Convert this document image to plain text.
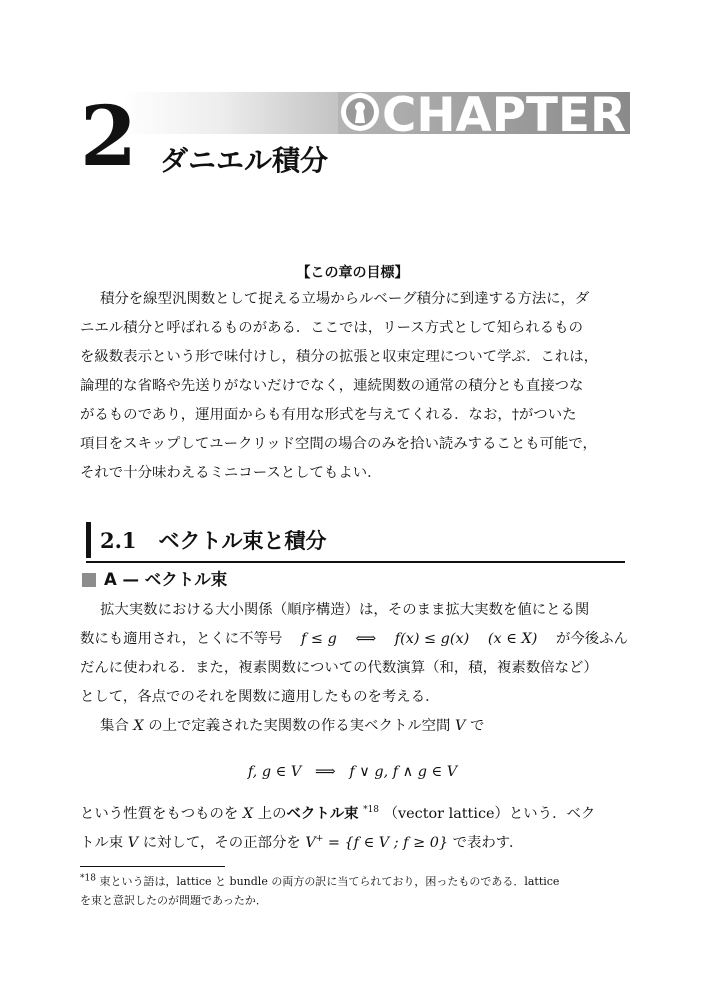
CHAPTER
2 ダニエル積分
【この章の目標】
積分を線型汎関数として捉える立場からルベーグ積分に到達する方法に，ダ
ニエル積分と呼ばれるものがある．ここでは，リース方式として知られるもの
を級数表示という形で味付けし，積分の拡張と収束定理について学ぶ．これは，
論理的な省略や先送りがないだけでなく，連続関数の通常の積分とも直接つな
がるものであり，運用面からも有用な形式を与えてくれる．なお，†がついた
項目をスキップしてユークリッド空間の場合のみを拾い読みすることも可能で，
それで十分味わえるミニコースとしてもよい．
2.1 ベクトル束と積分
A — ベクトル束
拡大実数における大小関係（順序構造）は，そのまま拡大実数を値にとる関
数にも適用され，とくに不等号 f ≤ g ⟺ f(x) ≤ g(x) (x ∈ X) が今後ふん
だんに使われる．また，複素関数についての代数演算（和，積，複素数倍など）
として，各点でのそれを関数に適用したものを考える．
集合 X の上で定義された実関数の作る実ベクトル空間 V で
f, g ∈ V ⟹ f ∨ g, f ∧ g ∈ V
という性質をもつものを X 上のベクトル束 $^{*18}$ （vector lattice）という．ベク
トル束 V に対して，その正部分を V+ = {f ∈ V ; f ≥ 0} で表わす．
$^{*18}$ 束という語は，lattice と bundle の両方の訳に当てられており，困ったものである．lattice
を束と意訳したのが問題であったか．
